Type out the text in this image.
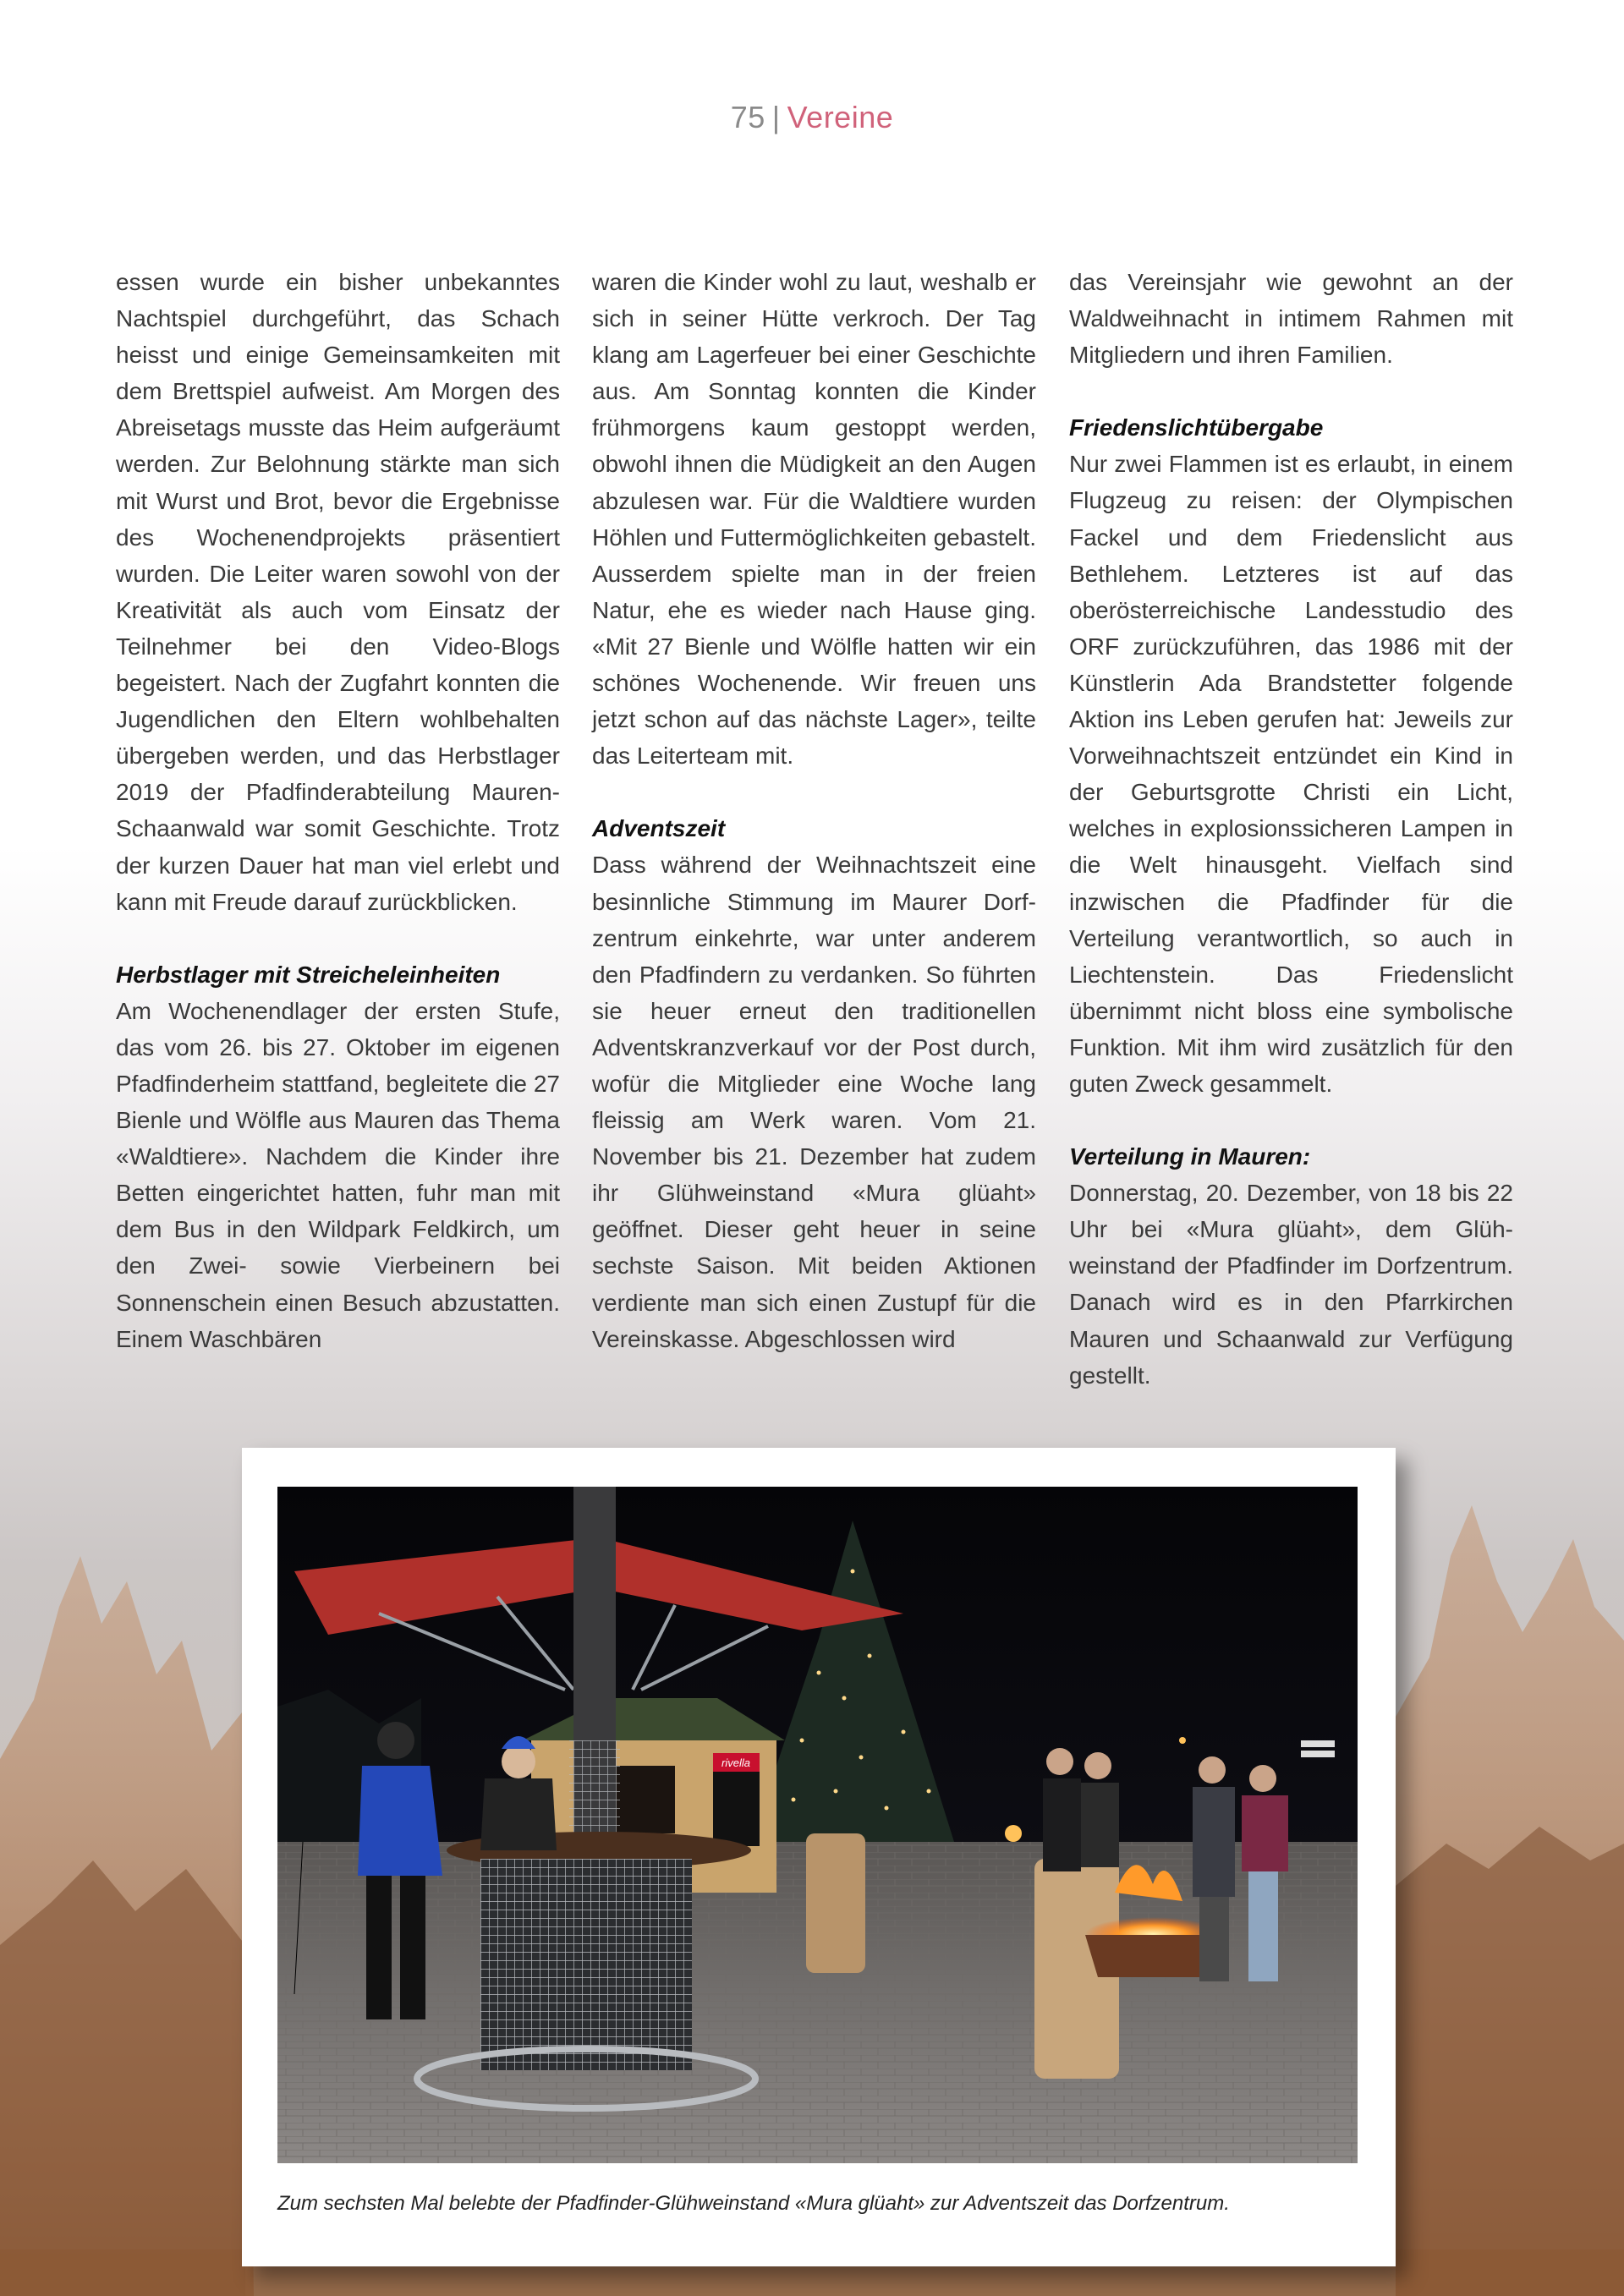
75 | Vereine

essen wurde ein bisher unbekanntes Nachtspiel durchgeführt, das Schach heisst und einige Gemeinsamkeiten mit dem Brettspiel aufweist. Am Morgen des Abreisetags musste das Heim aufgeräumt werden. Zur Belohnung stärkte man sich mit Wurst und Brot, bevor die Ergebnisse des Wochenendprojekts präsentiert wurden. Die Leiter waren sowohl von der Kreativität als auch vom Einsatz der Teilnehmer bei den Video-Blogs begeistert. Nach der Zugfahrt konnten die Jugendlichen den Eltern wohlbehalten übergeben werden, und das Herbstlager 2019 der Pfadfinderabteilung Mauren-Schaanwald war somit Geschichte. Trotz der kurzen Dauer hat man viel erlebt und kann mit Freude darauf zurückblicken.

Herbstlager mit Streicheleinheiten

Am Wochenendlager der ersten Stufe, das vom 26. bis 27. Oktober im eigenen Pfadfinderheim stattfand, begleitete die 27 Bienle und Wölfle aus Mauren das Thema «Waldtiere». Nachdem die Kinder ihre Betten eingerichtet hatten, fuhr man mit dem Bus in den Wildpark Feldkirch, um den Zwei- sowie Vierbeinern bei Sonnenschein einen Besuch abzustatten. Einem Waschbären

waren die Kinder wohl zu laut, weshalb er sich in seiner Hütte verkroch. Der Tag klang am Lagerfeuer bei einer Geschichte aus. Am Sonntag konnten die Kinder frühmorgens kaum gestoppt werden, obwohl ihnen die Müdigkeit an den Augen abzulesen war. Für die Waldtiere wurden Höhlen und Futtermöglichkeiten gebastelt. Ausserdem spielte man in der freien Natur, ehe es wieder nach Hause ging. «Mit 27 Bienle und Wölfle hatten wir ein schönes Wochenende. Wir freuen uns jetzt schon auf das nächste Lager», teilte das Leiterteam mit.

Adventszeit

Dass während der Weihnachtszeit eine besinnliche Stimmung im Maurer Dorfzentrum einkehrte, war unter anderem den Pfadfindern zu verdanken. So führten sie heuer erneut den traditionellen Adventskranzverkauf vor der Post durch, wofür die Mitglieder eine Woche lang fleissig am Werk waren. Vom 21. November bis 21. Dezember hat zudem ihr Glühweinstand «Mura glüaht» geöffnet. Dieser geht heuer in seine sechste Saison. Mit beiden Aktionen verdiente man sich einen Zustupf für die Vereinskasse. Abgeschlossen wird

das Vereinsjahr wie gewohnt an der Waldweihnacht in intimem Rahmen mit Mitgliedern und ihren Familien.

Friedenslichtübergabe

Nur zwei Flammen ist es erlaubt, in einem Flugzeug zu reisen: der Olympischen Fackel und dem Friedenslicht aus Bethlehem. Letzteres ist auf das oberösterreichische Landesstudio des ORF zurückzuführen, das 1986 mit der Künstlerin Ada Brandstetter folgende Aktion ins Leben gerufen hat: Jeweils zur Vorweihnachtszeit entzündet ein Kind in der Geburtsgrotte Christi ein Licht, welches in explosionssicheren Lampen in die Welt hinausgeht. Vielfach sind inzwischen die Pfadfinder für die Verteilung verantwortlich, so auch in Liechtenstein. Das Friedenslicht übernimmt nicht bloss eine symbolische Funktion. Mit ihm wird zusätzlich für den guten Zweck gesammelt.

Verteilung in Mauren:

Donnerstag, 20. Dezember, von 18 bis 22 Uhr bei «Mura glüaht», dem Glühweinstand der Pfadfinder im Dorfzentrum. Danach wird es in den Pfarrkirchen Mauren und Schaanwald zur Verfügung gestellt.

rivella
Zum sechsten Mal belebte der Pfadfinder-Glühweinstand «Mura glüaht» zur Adventszeit das Dorfzentrum.
